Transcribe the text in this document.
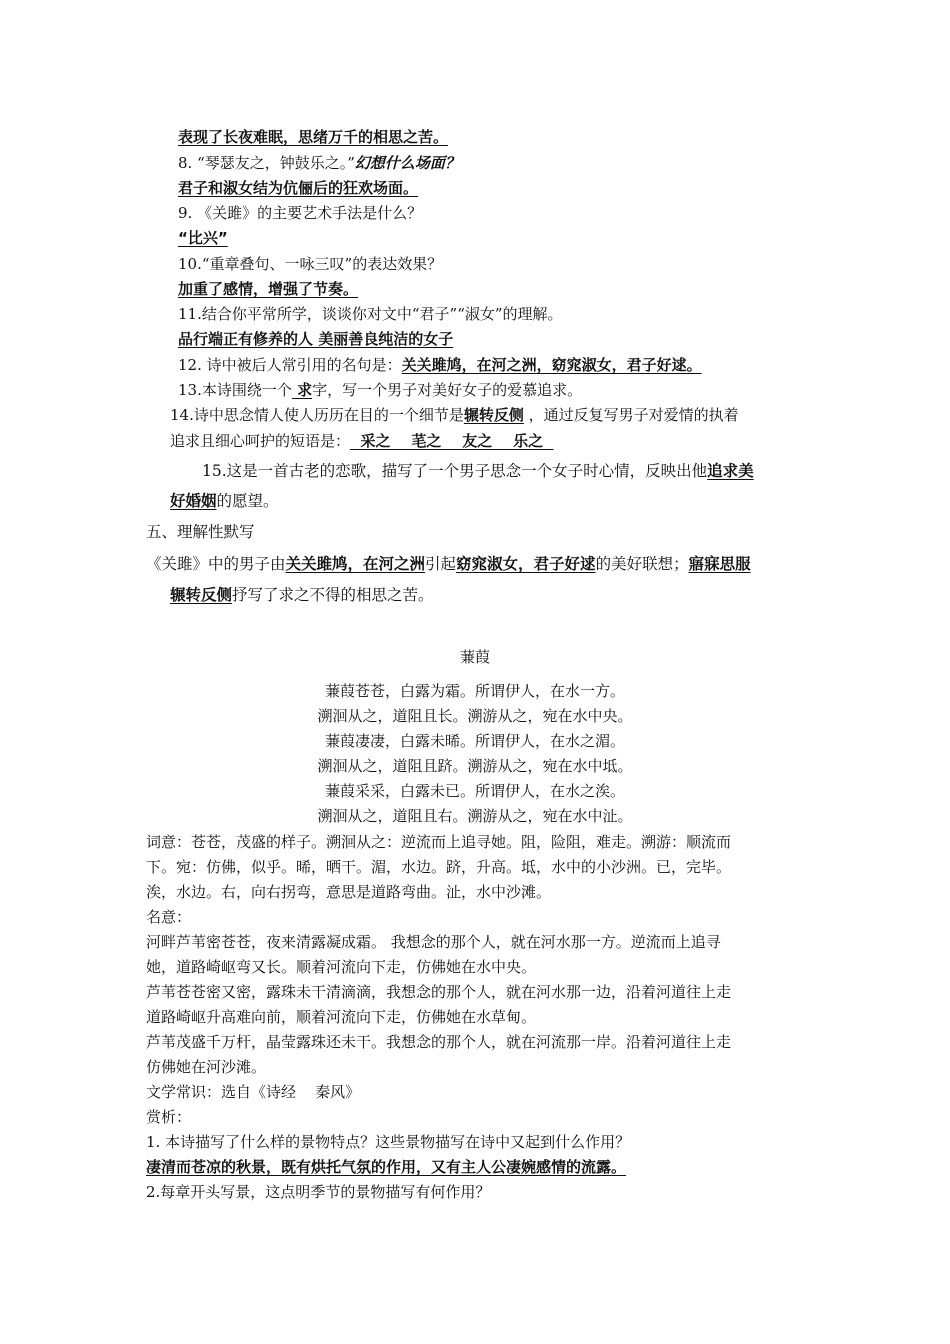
表现了长夜难眠，思绪万千的相思之苦。
8. “琴瑟友之，钟鼓乐之。”幻想什么场面？
君子和淑女结为伉俪后的狂欢场面。
9. 《关雎》的主要艺术手法是什么？
“比兴”
10.“重章叠句、一咏三叹”的表达效果？
加重了感情，增强了节奏。
11.结合你平常所学，谈谈你对文中“君子”“淑女”的理解。
品行端正有修养的人 美丽善良纯洁的女子
12. 诗中被后人常引用的名句是：关关雎鸠，在河之洲，窈窕淑女，君子好逑。
13.本诗围绕一个 求字，写一个男子对美好女子的爱慕追求。
14.诗中思念情人使人历历在目的一个细节是辗转反侧 ，通过反复写男子对爱情的执着
追求且细心呵护的短语是：  采之    芼之    友之    乐之
15.这是一首古老的恋歌，描写了一个男子思念一个女子时心情，反映出他追求美
好婚姻的愿望。
五、理解性默写
《关雎》中的男子由关关雎鸠，在河之洲引起窈窕淑女，君子好逑的美好联想；寤寐思服
辗转反侧抒写了求之不得的相思之苦。
蒹葭
蒹葭苍苍，白露为霜。所谓伊人，在水一方。
溯洄从之，道阻且长。溯游从之，宛在水中央。
蒹葭凄凄，白露未晞。所谓伊人，在水之湄。
溯洄从之，道阻且跻。溯游从之，宛在水中坻。
蒹葭采采，白露未已。所谓伊人，在水之涘。
溯洄从之，道阻且右。溯游从之，宛在水中沚。
词意：苍苍，茂盛的样子。溯洄从之：逆流而上追寻她。阻，险阻，难走。溯游：顺流而
下。宛：仿佛，似乎。晞，晒干。湄，水边。跻，升高。坻，水中的小沙洲。已，完毕。
涘，水边。右，向右拐弯，意思是道路弯曲。沚，水中沙滩。
名意：
河畔芦苇密苍苍，夜来清露凝成霜。 我想念的那个人，就在河水那一方。逆流而上追寻
她，道路崎岖弯又长。顺着河流向下走，仿佛她在水中央。
芦苇苍苍密又密，露珠未干清滴滴，我想念的那个人，就在河水那一边，沿着河道往上走
道路崎岖升高难向前，顺着河流向下走，仿佛她在水草甸。
芦苇茂盛千万杆，晶莹露珠还未干。我想念的那个人，就在河流那一岸。沿着河道往上走
仿佛她在河沙滩。
文学常识：选自《诗经    秦风》
赏析：
1. 本诗描写了什么样的景物特点？这些景物描写在诗中又起到什么作用？
凄清而苍凉的秋景，既有烘托气氛的作用，又有主人公凄婉感情的流露。
2.每章开头写景，这点明季节的景物描写有何作用？
